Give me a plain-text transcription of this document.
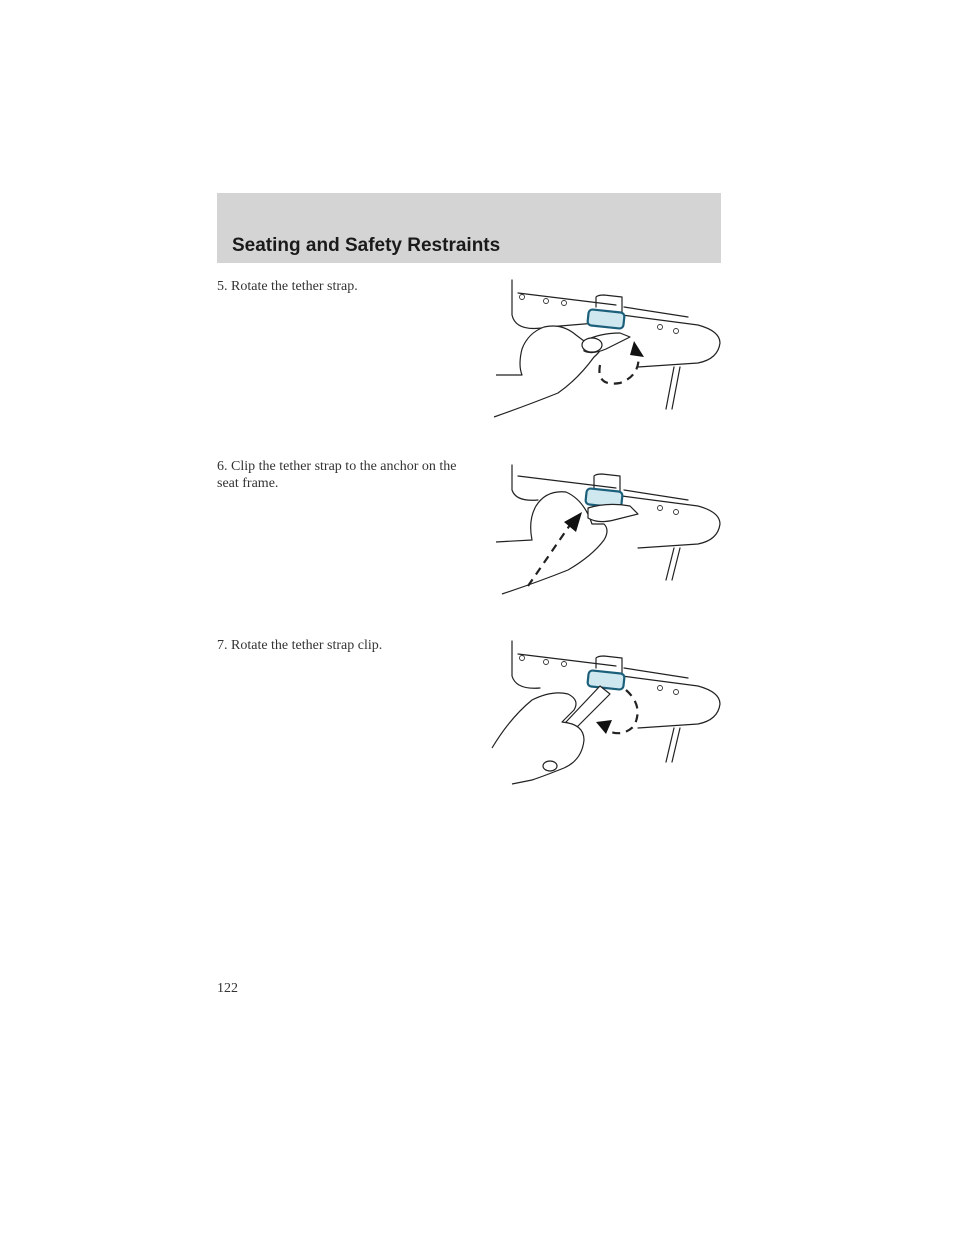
Seating and Safety Restraints
5. Rotate the tether strap.
6. Clip the tether strap to the anchor on the seat frame.
7. Rotate the tether strap clip.
122
